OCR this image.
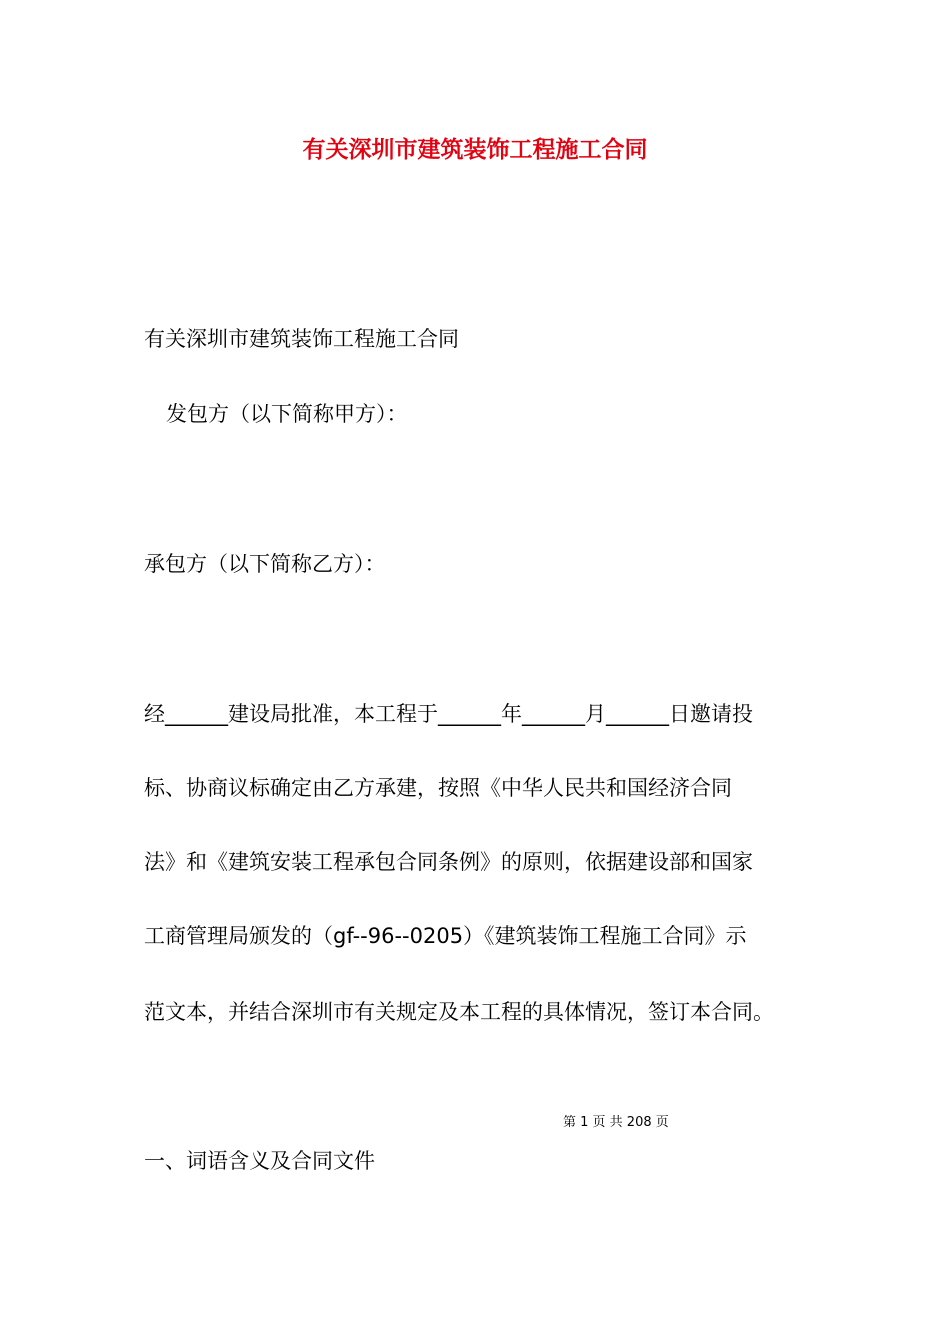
有关深圳市建筑装饰工程施工合同
有关深圳市建筑装饰工程施工合同
发包方（以下简称甲方）：
承包方（以下简称乙方）：
经______建设局批准，本工程于______年______月______日邀请投
标、协商议标确定由乙方承建，按照《中华人民共和国经济合同
法》和《建筑安装工程承包合同条例》的原则，依据建设部和国家
工商管理局颁发的（gf--96--0205）《建筑装饰工程施工合同》示
范文本，并结合深圳市有关规定及本工程的具体情况，签订本合同。
第 1 页 共 208 页
一、词语含义及合同文件
